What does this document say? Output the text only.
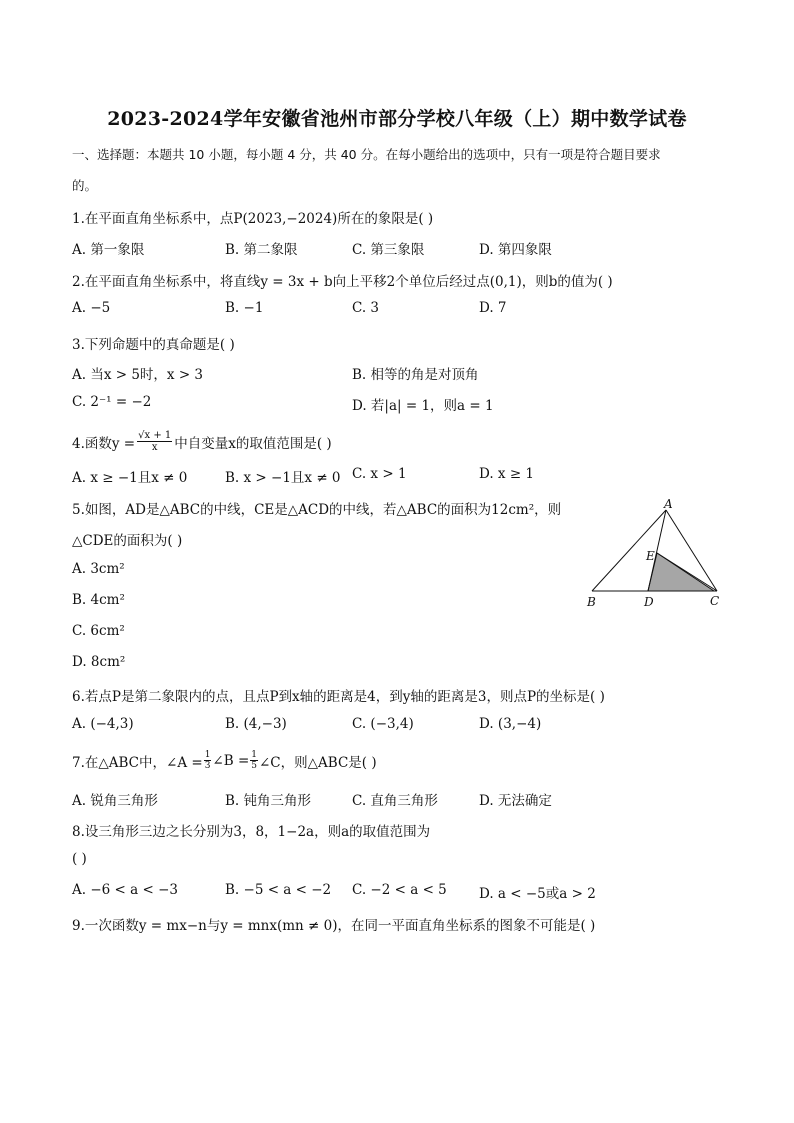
2023-2024学年安徽省池州市部分学校八年级（上）期中数学试卷
一、选择题：本题共 10 小题，每小题 4 分，共 40 分。在每小题给出的选项中，只有一项是符合题目要求
的。
1.在平面直角坐标系中，点P(2023,−2024)所在的象限是( )
A. 第一象限	B. 第二象限	C. 第三象限	D. 第四象限
2.在平面直角坐标系中，将直线y = 3x + b向上平移2个单位后经过点(0,1)，则b的值为( )
A. −5	B. −1	C. 3	D. 7
3.下列命题中的真命题是( )
A. 当x > 5时，x > 3	B. 相等的角是对顶角
C. 2⁻¹ = −2	D. 若|a| = 1，则a = 1
4.函数$y = \frac{√x + 1}{x}$ 中自变量x的取值范围是( )
A. x ≥ −1且x ≠ 0	B. x > −1且x ≠ 0 C. x > 1	D. x ≥ 1
5.如图，AD是△ABC的中线，CE是△ACD的中线，若△ABC的面积为12cm²，则
△CDE的面积为( )
A. 3cm²
B. 4cm²
C. 6cm²
D. 8cm²
A
B	C
D
E
6.若点P是第二象限内的点，且点P到x轴的距离是4，到y轴的距离是3，则点P的坐标是( )
A. (−4,3)	B. (4,−3)	C. (−3,4)	D. (3,−4)
7.在△ABC中，∠A = $\frac{1}{3}$ ∠B = $\frac{1}{5}$ ∠C，则△ABC是( )
A. 锐角三角形	B. 钝角三角形	C. 直角三角形	D. 无法确定
8.设三角形三边之长分别为3，8，1−2a，则a的取值范围为
( )
A. −6 < a < −3	B. −5 < a < −2 C. −2 < a < 5 D. a < −5或a > 2
9.一次函数y = mx−n与y = mnx(mn ≠ 0)，在同一平面直角坐标系的图象不可能是( )
